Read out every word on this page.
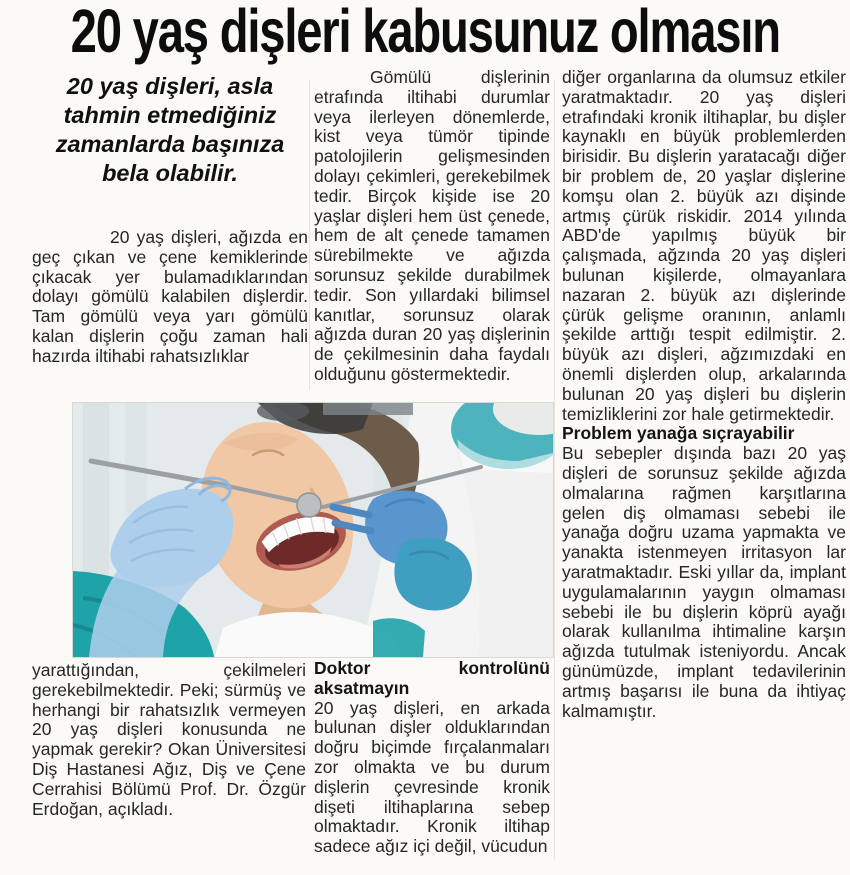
20 yaş dişleri kabusunuz olmasın
20 yaş dişleri, asla tahmin etmediğiniz zamanlarda başınıza bela olabilir.

20 yaş dişleri, ağızda en geç çıkan ve çene kemiklerinde çıkacak yer bulamadıklarından dolayı gömülü kalabilen dişlerdir. Tam gömülü veya yarı gömülü kalan dişlerin çoğu zaman hali hazırda iltihabi rahatsızlıklar

Gömülü dişlerinin etrafında iltihabi durumlar veya ilerleyen dönemlerde, kist veya tümör tipinde patolojilerin gelişmesinden dolayı çekimleri, gerekebilmek tedir. Birçok kişide ise 20 yaşlar dişleri hem üst çenede, hem de alt çenede tamamen sürebilmekte ve ağızda sorunsuz şekilde durabilmek tedir. Son yıllardaki bilimsel kanıtlar, sorunsuz olarak ağızda duran 20 yaş dişlerinin de çekilmesinin daha faydalı olduğunu göstermektedir.

diğer organlarına da olumsuz etkiler yaratmaktadır. 20 yaş dişleri etrafındaki kronik iltihaplar, bu dişler kaynaklı en büyük problemlerden birisidir. Bu dişlerin yaratacağı diğer bir problem de, 20 yaşlar dişlerine komşu olan 2. büyük azı dişinde artmış çürük riskidir. 2014 yılında ABD'de yapılmış büyük bir çalışmada, ağzında 20 yaş dişleri bulunan kişilerde, olmayanlara nazaran 2. büyük azı dişlerinde çürük gelişme oranının, anlamlı şekilde arttığı tespit edilmiştir. 2. büyük azı dişleri, ağzımızdaki en önemli dişlerden olup, arkalarında bulunan 20 yaş dişleri bu dişlerin temizliklerini zor hale getirmektedir.

Problem yanağa sıçrayabilir

Bu sebepler dışında bazı 20 yaş dişleri de sorunsuz şekilde ağızda olmalarına rağmen karşıtlarına gelen diş olmaması sebebi ile yanağa doğru uzama yapmakta ve yanakta istenmeyen irritasyon lar yaratmaktadır. Eski yıllar da, implant uygulamalarının yaygın olmaması sebebi ile bu dişlerin köprü ayağı olarak kullanılma ihtimaline karşın ağızda tutulmak isteniyordu. Ancak günümüzde, implant tedavilerinin artmış başarısı ile buna da ihtiyaç kalmamıştır.

yarattığından, çekilmeleri gerekebilmektedir. Peki; sürmüş ve herhangi bir rahatsızlık vermeyen 20 yaş dişleri konusunda ne yapmak gerekir? Okan Üniversitesi Diş Hastanesi Ağız, Diş ve Çene Cerrahisi Bölümü Prof. Dr. Özgür Erdoğan, açıkladı.

Doktor kontrolünü aksatmayın

20 yaş dişleri, en arkada bulunan dişler olduklarından doğru biçimde fırçalanmaları zor olmakta ve bu durum dişlerin çevresinde kronik dişeti iltihaplarına sebep olmaktadır. Kronik iltihap sadece ağız içi değil, vücudun
